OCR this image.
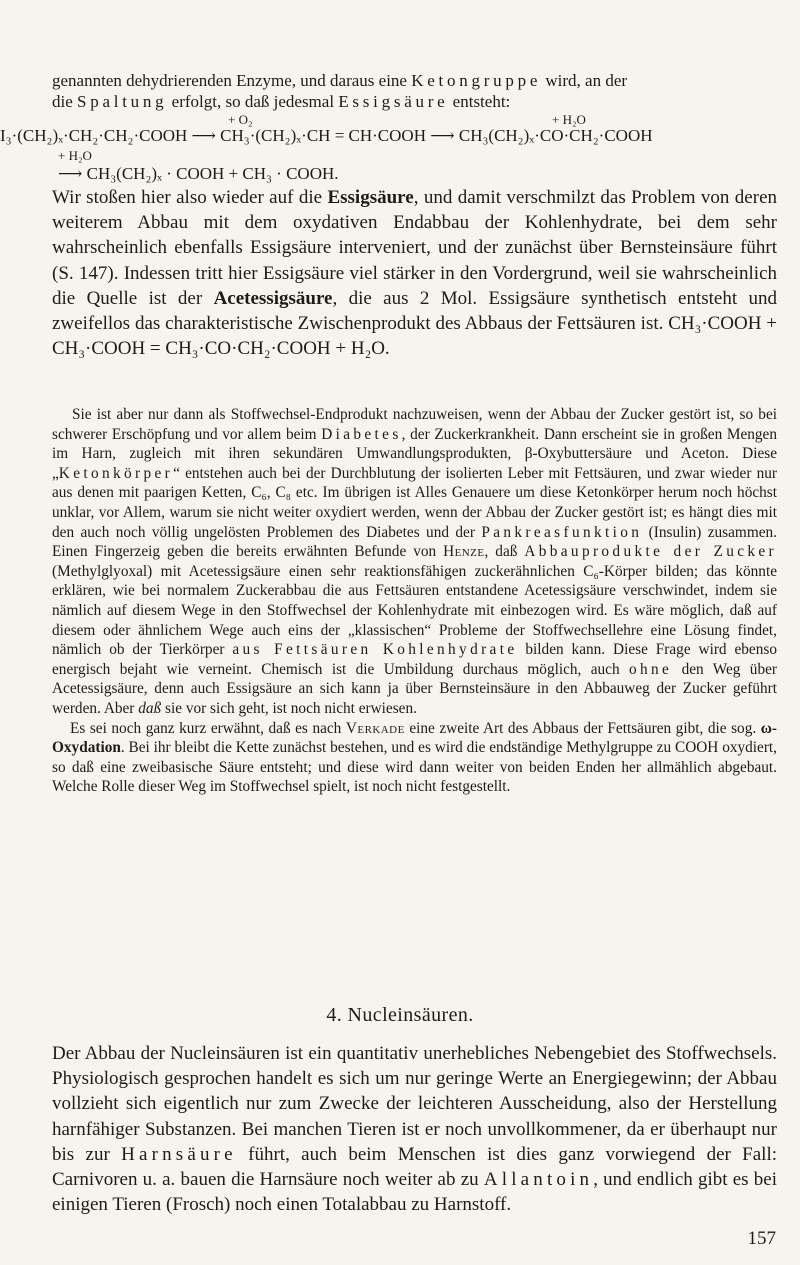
genannten dehydrierenden Enzyme, und daraus eine Ketongruppe wird, an der
die Spaltung erfolgt, so daß jedesmal Essigsäure entsteht:

+ O₂	+ H₂O
I₃·(CH₂)ₓ·CH₂·CH₂·COOH ⟶ CH₃·(CH₂)ₓ·CH = CH·COOH ⟶ CH₃(CH₂)ₓ·CO·CH₂·COOH
+ H₂O
⟶ CH₃(CH₂)ₓ · COOH + CH₃ · COOH.

Wir stoßen hier also wieder auf die Essigsäure, und damit verschmilzt das Problem von deren weiterem Abbau mit dem oxydativen Endabbau der Kohlenhydrate, bei dem sehr wahrscheinlich ebenfalls Essigsäure interveniert, und der zunächst über Bernsteinsäure führt (S. 147). Indessen tritt hier Essigsäure viel stärker in den Vordergrund, weil sie wahrscheinlich die Quelle ist der Acetessigsäure, die aus 2 Mol. Essigsäure synthetisch entsteht und zweifellos das charakteristische Zwischenprodukt des Abbaus der Fettsäuren ist. CH₃·COOH + CH₃·COOH = CH₃·CO·CH₂·COOH + H₂O.

Sie ist aber nur dann als Stoffwechsel-Endprodukt nachzuweisen, wenn der Abbau der Zucker gestört ist, so bei schwerer Erschöpfung und vor allem beim Diabetes, der Zuckerkrankheit. Dann erscheint sie in großen Mengen im Harn, zugleich mit ihren sekundären Umwandlungsprodukten, β-Oxybuttersäure und Aceton. Diese „Ketonkörper“ entstehen auch bei der Durchblutung der isolierten Leber mit Fettsäuren, und zwar wieder nur aus denen mit paarigen Ketten, C₆, C₈ etc. Im übrigen ist Alles Genauere um diese Ketonkörper herum noch höchst unklar, vor Allem, warum sie nicht weiter oxydiert werden, wenn der Abbau der Zucker gestört ist; es hängt dies mit den auch noch völlig ungelösten Problemen des Diabetes und der Pankreasfunktion (Insulin) zusammen. Einen Fingerzeig geben die bereits erwähnten Befunde von Henze, daß Abbauprodukte der Zucker (Methylglyoxal) mit Acetessigsäure einen sehr reaktionsfähigen zuckerähnlichen C₆-Körper bilden; das könnte erklären, wie bei normalem Zuckerabbau die aus Fettsäuren entstandene Acetessigsäure verschwindet, indem sie nämlich auf diesem Wege in den Stoffwechsel der Kohlenhydrate mit einbezogen wird. Es wäre möglich, daß auf diesem oder ähnlichem Wege auch eins der „klassischen“ Probleme der Stoffwechsellehre eine Lösung findet, nämlich ob der Tierkörper aus Fettsäuren Kohlenhydrate bilden kann. Diese Frage wird ebenso energisch bejaht wie verneint. Chemisch ist die Umbildung durchaus möglich, auch ohne den Weg über Acetessigsäure, denn auch Essigsäure an sich kann ja über Bernsteinsäure in den Abbauweg der Zucker geführt werden. Aber daß sie vor sich geht, ist noch nicht erwiesen.

Es sei noch ganz kurz erwähnt, daß es nach Verkade eine zweite Art des Abbaus der Fettsäuren gibt, die sog. ω-Oxydation. Bei ihr bleibt die Kette zunächst bestehen, und es wird die endständige Methylgruppe zu COOH oxydiert, so daß eine zweibasische Säure entsteht; und diese wird dann weiter von beiden Enden her allmählich abgebaut. Welche Rolle dieser Weg im Stoffwechsel spielt, ist noch nicht festgestellt.

4. Nucleinsäuren.

Der Abbau der Nucleinsäuren ist ein quantitativ unerhebliches Nebengebiet des Stoffwechsels. Physiologisch gesprochen handelt es sich um nur geringe Werte an Energiegewinn; der Abbau vollzieht sich eigentlich nur zum Zwecke der leichteren Ausscheidung, also der Herstellung harnfähiger Substanzen. Bei manchen Tieren ist er noch unvollkommener, da er überhaupt nur bis zur Harnsäure führt, auch beim Menschen ist dies ganz vorwiegend der Fall: Carnivoren u. a. bauen die Harnsäure noch weiter ab zu Allantoin, und endlich gibt es bei einigen Tieren (Frosch) noch einen Totalabbau zu Harnstoff.

157
